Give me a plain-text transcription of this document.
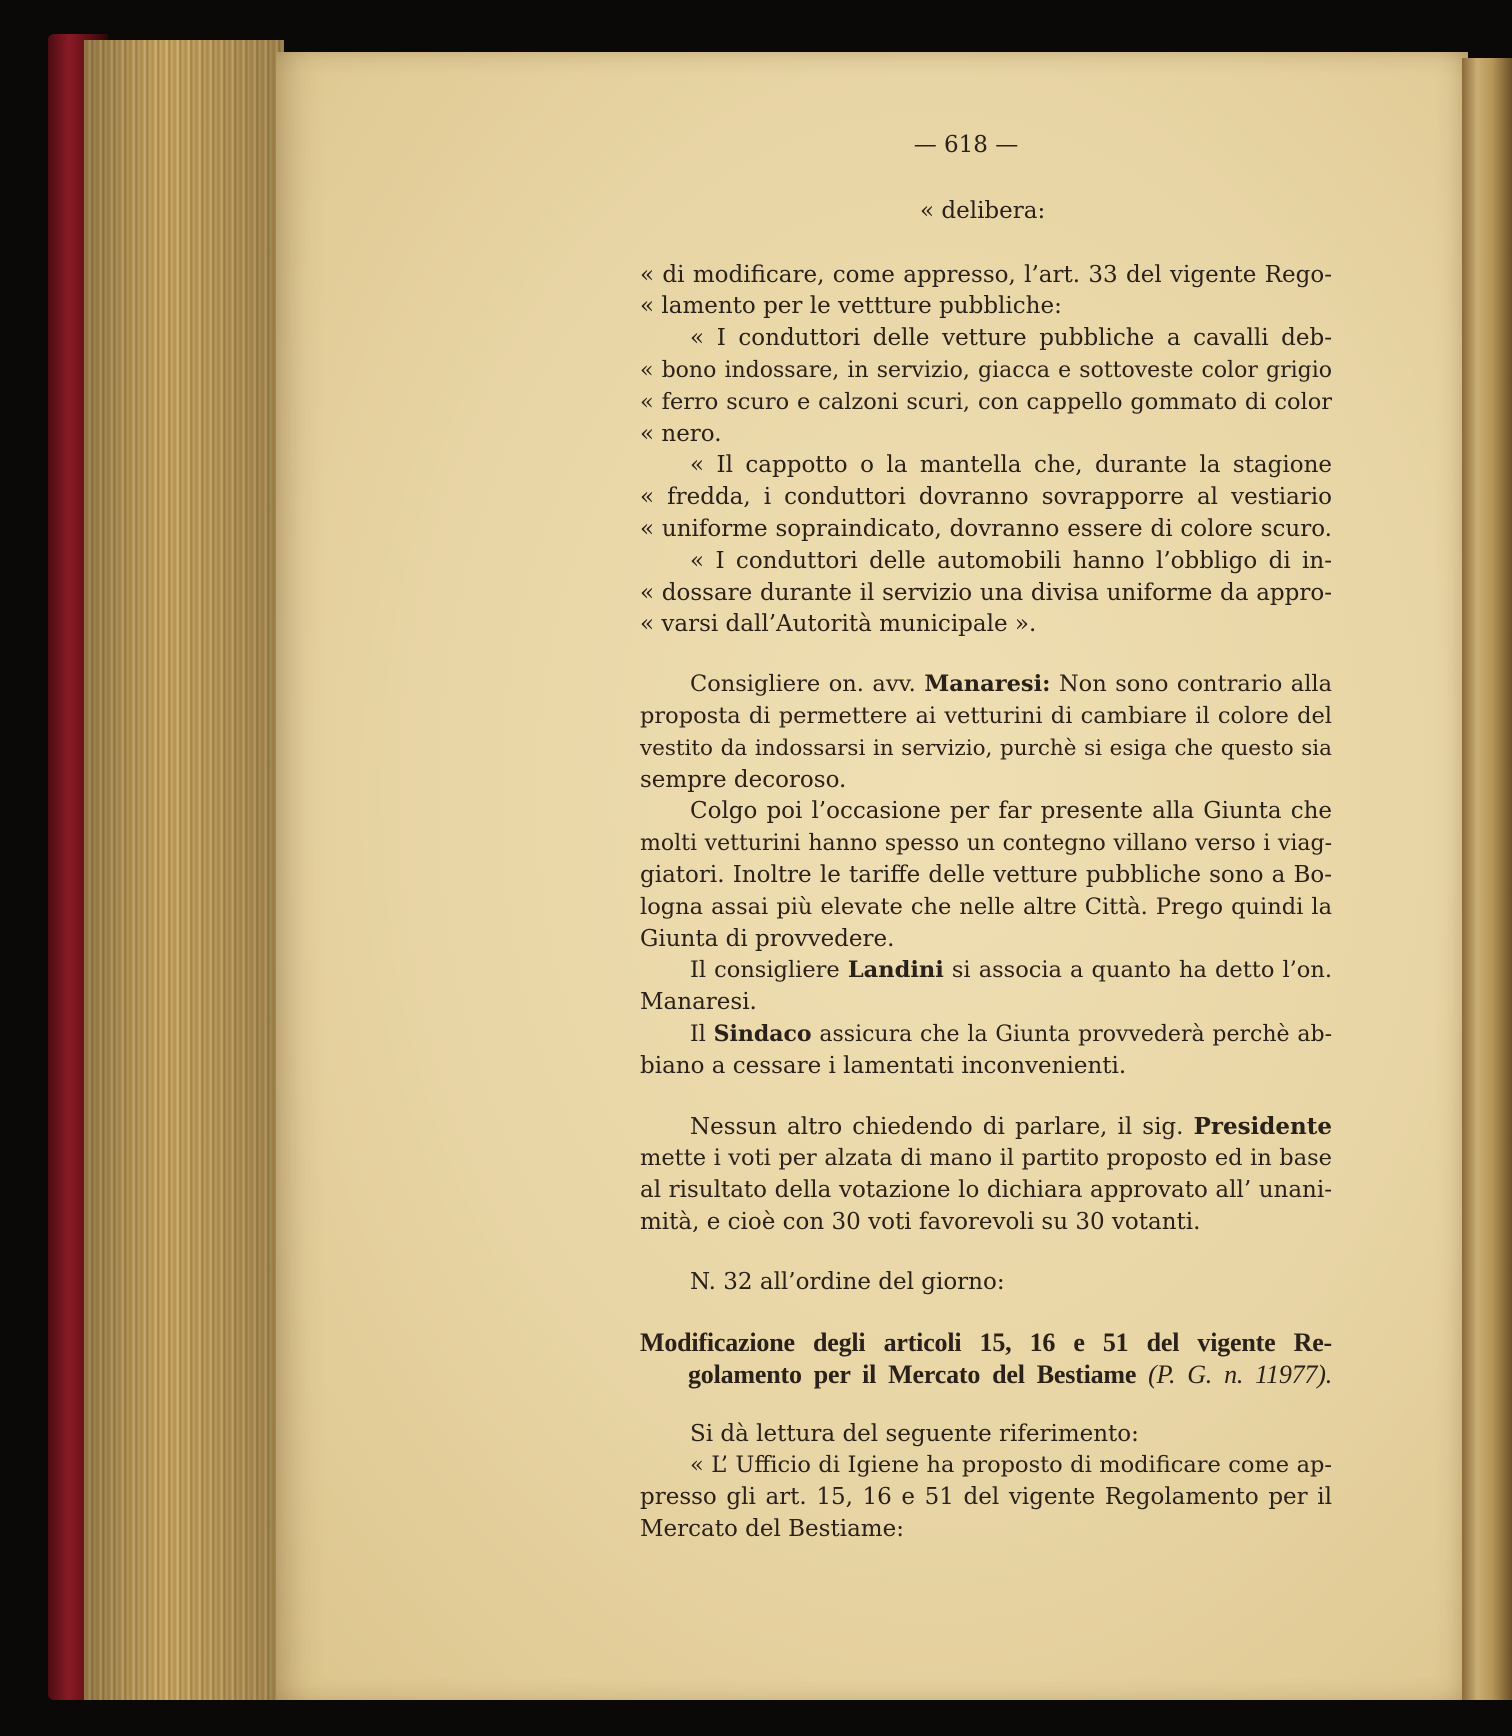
— 618 —
« delibera:
« di modificare, come appresso, l’art. 33 del vigente Rego-
« lamento per le vettture pubbliche:
« I conduttori delle vetture pubbliche a cavalli deb-
« bono indossare, in servizio, giacca e sottoveste color grigio
« ferro scuro e calzoni scuri, con cappello gommato di color
« nero.
« Il cappotto o la mantella che, durante la stagione
« fredda, i conduttori dovranno sovrapporre al vestiario
« uniforme sopraindicato, dovranno essere di colore scuro.
« I conduttori delle automobili hanno l’obbligo di in-
« dossare durante il servizio una divisa uniforme da appro-
« varsi dall’Autorità municipale ».
Consigliere on. avv. Manaresi: Non sono contrario alla
proposta di permettere ai vetturini di cambiare il colore del
vestito da indossarsi in servizio, purchè si esiga che questo sia
sempre decoroso.
Colgo poi l’occasione per far presente alla Giunta che
molti vetturini hanno spesso un contegno villano verso i viag-
giatori. Inoltre le tariffe delle vetture pubbliche sono a Bo-
logna assai più elevate che nelle altre Città. Prego quindi la
Giunta di provvedere.
Il consigliere Landini si associa a quanto ha detto l’on.
Manaresi.
Il Sindaco assicura che la Giunta provvederà perchè ab-
biano a cessare i lamentati inconvenienti.
Nessun altro chiedendo di parlare, il sig. Presidente
mette i voti per alzata di mano il partito proposto ed in base
al risultato della votazione lo dichiara approvato all’ unani-
mità, e cioè con 30 voti favorevoli su 30 votanti.
N. 32 all’ordine del giorno:
Modificazione degli articoli 15, 16 e 51 del vigente Re-
golamento per il Mercato del Bestiame (P. G. n. 11977).
Si dà lettura del seguente riferimento:
« L’ Ufficio di Igiene ha proposto di modificare come ap-
presso gli art. 15, 16 e 51 del vigente Regolamento per il
Mercato del Bestiame:
